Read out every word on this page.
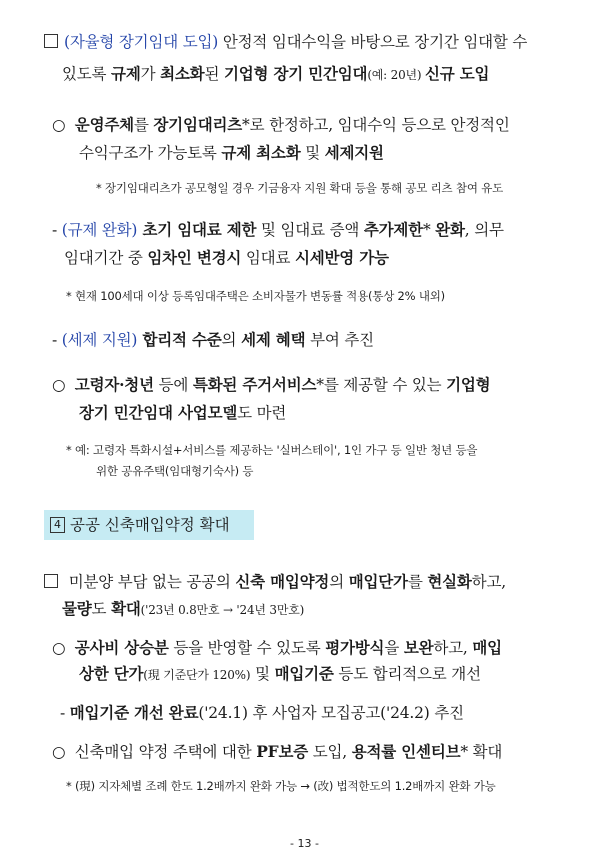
(자율형 장기임대 도입) 안정적 임대수익을 바탕으로 장기간 임대할 수
있도록 규제가 최소화된 기업형 장기 민간임대(예: 20년) 신규 도입
○ 운영주체를 장기임대리츠*로 한정하고, 임대수익 등으로 안정적인
수익구조가 가능토록 규제 최소화 및 세제지원
* 장기임대리츠가 공모형일 경우 기금융자 지원 확대 등을 통해 공모 리츠 참여 유도
- (규제 완화) 초기 임대료 제한 및 임대료 증액 추가제한* 완화, 의무
임대기간 중 임차인 변경시 임대료 시세반영 가능
* 현재 100세대 이상 등록임대주택은 소비자물가 변동률 적용(통상 2% 내외)
- (세제 지원) 합리적 수준의 세제 혜택 부여 추진
○ 고령자·청년 등에 특화된 주거서비스*를 제공할 수 있는 기업형
장기 민간임대 사업모델도 마련
* 예: 고령자 특화시설+서비스를 제공하는 '실버스테이', 1인 가구 등 일반 청년 등을
위한 공유주택(임대형기숙사) 등
4 공공 신축매입약정 확대
미분양 부담 없는 공공의 신축 매입약정의 매입단가를 현실화하고,
물량도 확대('23년 0.8만호 → '24년 3만호)
○ 공사비 상승분 등을 반영할 수 있도록 평가방식을 보완하고, 매입
상한 단가(現 기준단가 120%) 및 매입기준 등도 합리적으로 개선
- 매입기준 개선 완료('24.1) 후 사업자 모집공고('24.2) 추진
○ 신축매입 약정 주택에 대한 PF보증 도입, 용적률 인센티브* 확대
* (現) 지자체별 조례 한도 1.2배까지 완화 가능 → (改) 법적한도의 1.2배까지 완화 가능
- 13 -
